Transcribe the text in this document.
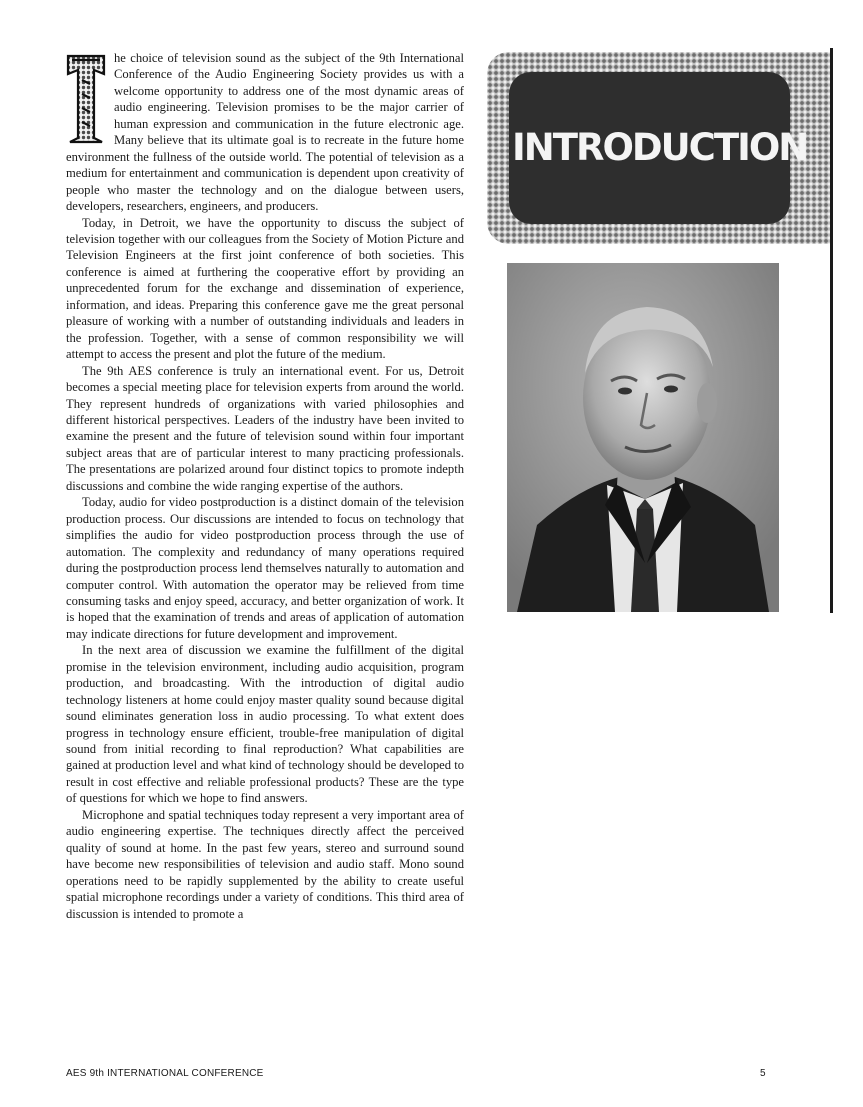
he choice of television sound as the subject of the 9th International Conference of the Audio Engineering Society provides us with a welcome opportunity to address one of the most dynamic areas of audio engineering. Television promises to be the major carrier of human expression and communication in the future electronic age. Many believe that its ultimate goal is to recreate in the future home environment the fullness of the outside world. The potential of television as a medium for entertainment and communication is dependent upon creativity of people who master the technology and on the dialogue between users, developers, researchers, engineers, and producers.

Today, in Detroit, we have the opportunity to discuss the subject of television together with our colleagues from the Society of Motion Picture and Television Engineers at the first joint conference of both societies. This conference is aimed at furthering the cooperative effort by providing an unprecedented forum for the exchange and dissemination of experience, information, and ideas. Preparing this conference gave me the great personal pleasure of working with a number of outstanding individuals and leaders in the profession. Together, with a sense of common responsibility we will attempt to access the present and plot the future of the medium.

The 9th AES conference is truly an international event. For us, Detroit becomes a special meeting place for television experts from around the world. They represent hundreds of organizations with varied philosophies and different historical perspectives. Leaders of the industry have been invited to examine the present and the future of television sound within four important subject areas that are of particular interest to many practicing professionals. The presentations are polarized around four distinct topics to promote indepth discussions and combine the wide ranging expertise of the authors.

Today, audio for video postproduction is a distinct domain of the television production process. Our discussions are intended to focus on technology that simplifies the audio for video postproduction process through the use of automation. The complexity and redundancy of many operations required during the postproduction process lend themselves naturally to automation and computer control. With automation the operator may be relieved from time consuming tasks and enjoy speed, accuracy, and better organization of work. It is hoped that the examination of trends and areas of application of automation may indicate directions for future development and improvement.

In the next area of discussion we examine the fulfillment of the digital promise in the television environment, including audio acquisition, program production, and broadcasting. With the introduction of digital audio technology listeners at home could enjoy master quality sound because digital sound eliminates generation loss in audio processing. To what extent does progress in technology ensure efficient, trouble-free manipulation of digital sound from initial recording to final reproduction? What capabilities are gained at production level and what kind of technology should be developed to result in cost effective and reliable professional products? These are the type of questions for which we hope to find answers.

Microphone and spatial techniques today represent a very important area of audio engineering expertise. The techniques directly affect the perceived quality of sound at home. In the past few years, stereo and surround sound have become new responsibilities of television and audio staff. Mono sound operations need to be rapidly supplemented by the ability to create useful spatial microphone recordings under a variety of conditions. This third area of discussion is intended to promote a

INTRODUCTION
AES 9th INTERNATIONAL CONFERENCE	5
